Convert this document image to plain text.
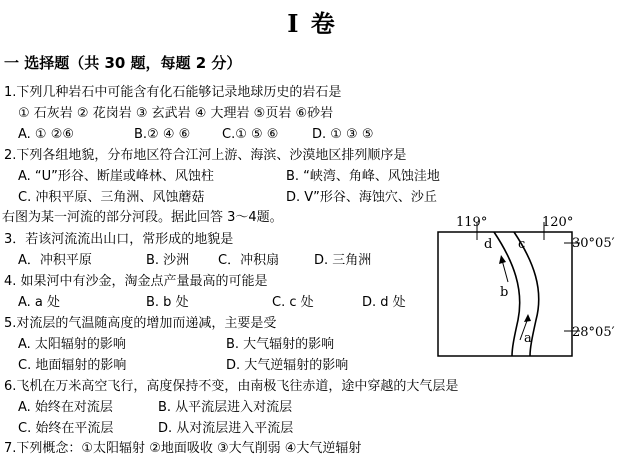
I 卷
一 选择题（共 30 题，每题 2 分）
1.下列几种岩石中可能含有化石能够记录地球历史的岩石是
① 石灰岩 ② 花岗岩 ③ 玄武岩 ④ 大理岩 ⑤页岩 ⑥砂岩
A. ① ②⑥	B.② ④ ⑥ C.① ⑤ ⑥	D. ① ③ ⑤
2.下列各组地貌，分布地区符合江河上游、海滨、沙漠地区排列顺序是
A. “U”形谷、断崖或峰林、风蚀柱	B. “峡湾、角峰、风蚀洼地
C. 冲积平原、三角洲、风蚀蘑菇	D. V”形谷、海蚀穴、沙丘
右图为某一河流的部分河段。据此回答 3～4题。
3．若该河流流出山口，常形成的地貌是
A．冲积平原	B. 沙洲 C．冲积扇	D. 三角洲
4. 如果河中有沙金，淘金点产量最高的可能是
A. a 处	B. b 处	C. c 处	D. d 处
5.对流层的气温随高度的增加而递减，主要是受
A. 太阳辐射的影响	B. 大气辐射的影响
C. 地面辐射的影响	D. 大气逆辐射的影响
6.飞机在万米高空飞行，高度保持不变，由南极飞往赤道，途中穿越的大气层是
A. 始终在对流层	B. 从平流层进入对流层
C. 始终在平流层	D. 从对流层进入平流层
7.下列概念：①太阳辐射 ②地面吸收 ③大气削弱 ④大气逆辐射
119°	120°
30°05′
28°05′
d c
b
a
